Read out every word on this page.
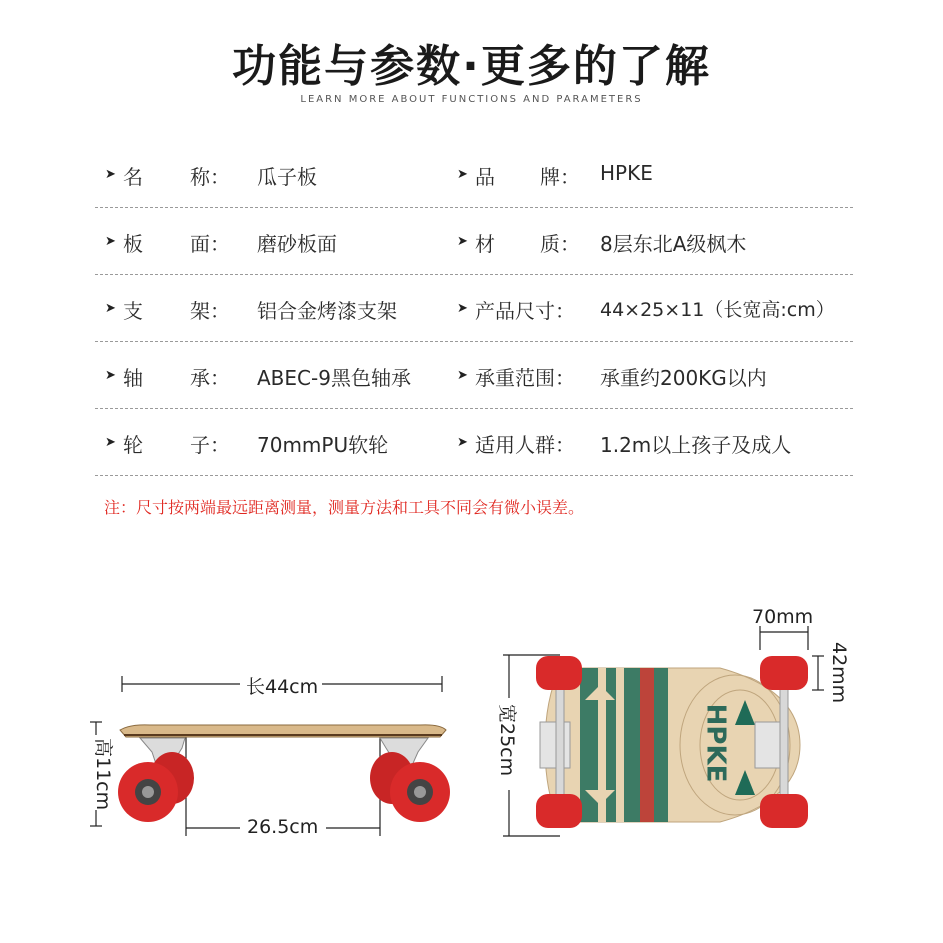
功能与参数·更多的了解
LEARN MORE ABOUT FUNCTIONS AND PARAMETERS
➤ 名 称： 瓜子板	➤ 品 牌： HPKE
➤ 板 面： 磨砂板面	➤ 材 质： 8层东北A级枫木
➤ 支 架： 铝合金烤漆支架	➤ 产品尺寸： 44×25×11（长宽高:cm）
➤ 轴 承： ABEC-9黑色轴承	➤ 承重范围： 承重约200KG以内
➤ 轮 子： 70mmPU软轮	➤ 适用人群： 1.2m以上孩子及成人
注：尺寸按两端最远距离测量，测量方法和工具不同会有微小误差。
长44cm
高11cm
26.5cm
HPKE
宽25cm
70mm
42mm
